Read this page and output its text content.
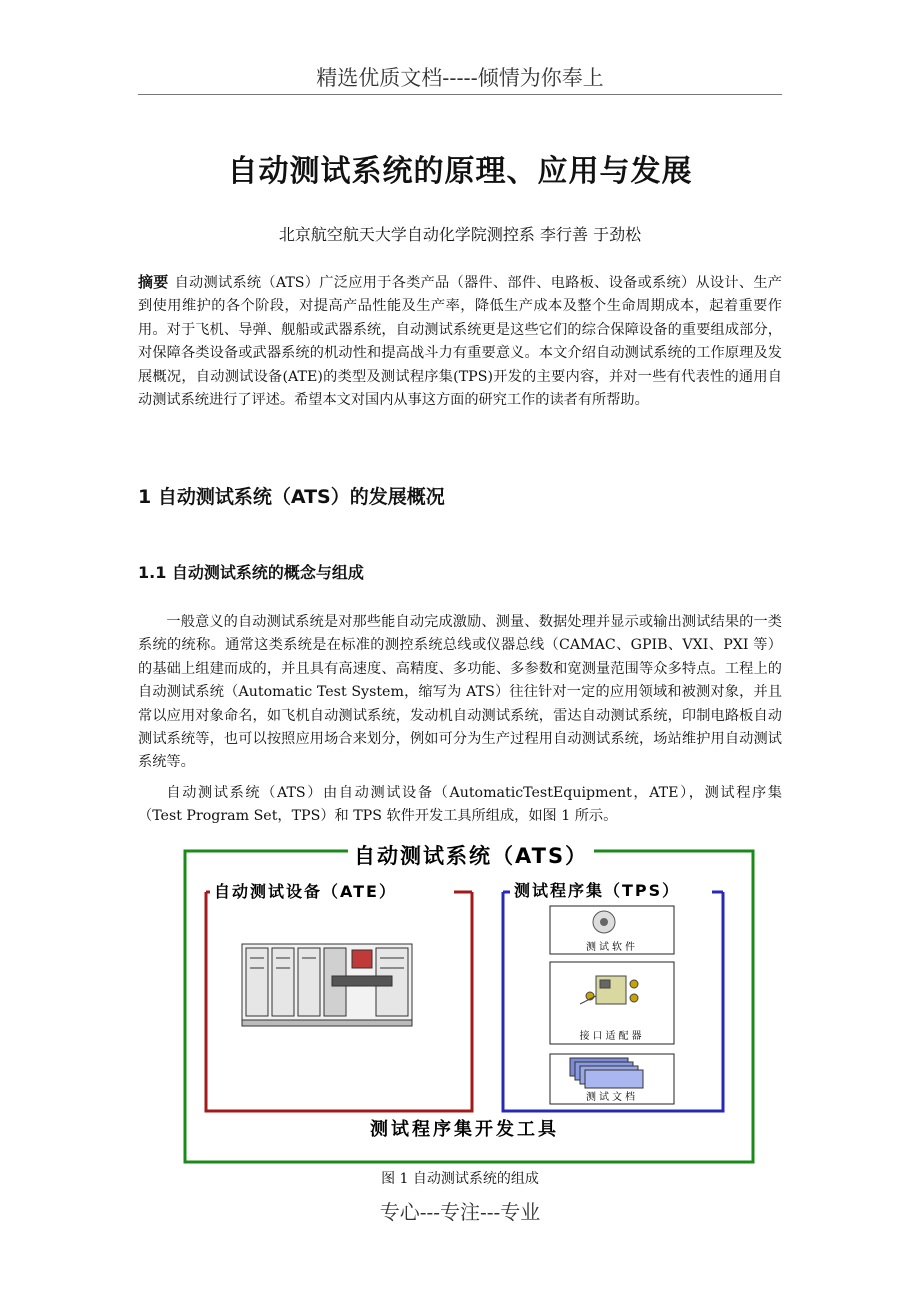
精选优质文档-----倾情为你奉上
自动测试系统的原理、应用与发展
北京航空航天大学自动化学院测控系 李行善 于劲松
摘要 自动测试系统（ATS）广泛应用于各类产品（器件、部件、电路板、设备或系统）从设计、生产到使用维护的各个阶段，对提高产品性能及生产率，降低生产成本及整个生命周期成本，起着重要作用。对于飞机、导弹、舰船或武器系统，自动测试系统更是这些它们的综合保障设备的重要组成部分，对保障各类设备或武器系统的机动性和提高战斗力有重要意义。本文介绍自动测试系统的工作原理及发展概况，自动测试设备(ATE)的类型及测试程序集(TPS)开发的主要内容，并对一些有代表性的通用自动测试系统进行了评述。希望本文对国内从事这方面的研究工作的读者有所帮助。
1 自动测试系统（ATS）的发展概况
1.1 自动测试系统的概念与组成
一般意义的自动测试系统是对那些能自动完成激励、测量、数据处理并显示或输出测试结果的一类系统的统称。通常这类系统是在标准的测控系统总线或仪器总线（CAMAC、GPIB、VXI、PXI 等）的基础上组建而成的，并且具有高速度、高精度、多功能、多参数和宽测量范围等众多特点。工程上的自动测试系统（Automatic Test System，缩写为 ATS）往往针对一定的应用领域和被测对象，并且常以应用对象命名，如飞机自动测试系统，发动机自动测试系统，雷达自动测试系统，印制电路板自动测试系统等，也可以按照应用场合来划分，例如可分为生产过程用自动测试系统，场站维护用自动测试系统等。
自动测试系统（ATS）由自动测试设备（AutomaticTestEquipment，ATE），测试程序集（Test Program Set，TPS）和 TPS 软件开发工具所组成，如图 1 所示。
自动测试系统（ATS）
自动测试设备（ATE）	测试程序集（TPS）
测试软件
接口适配器
测试文档
测试程序集开发工具
图 1 自动测试系统的组成
专心---专注---专业
